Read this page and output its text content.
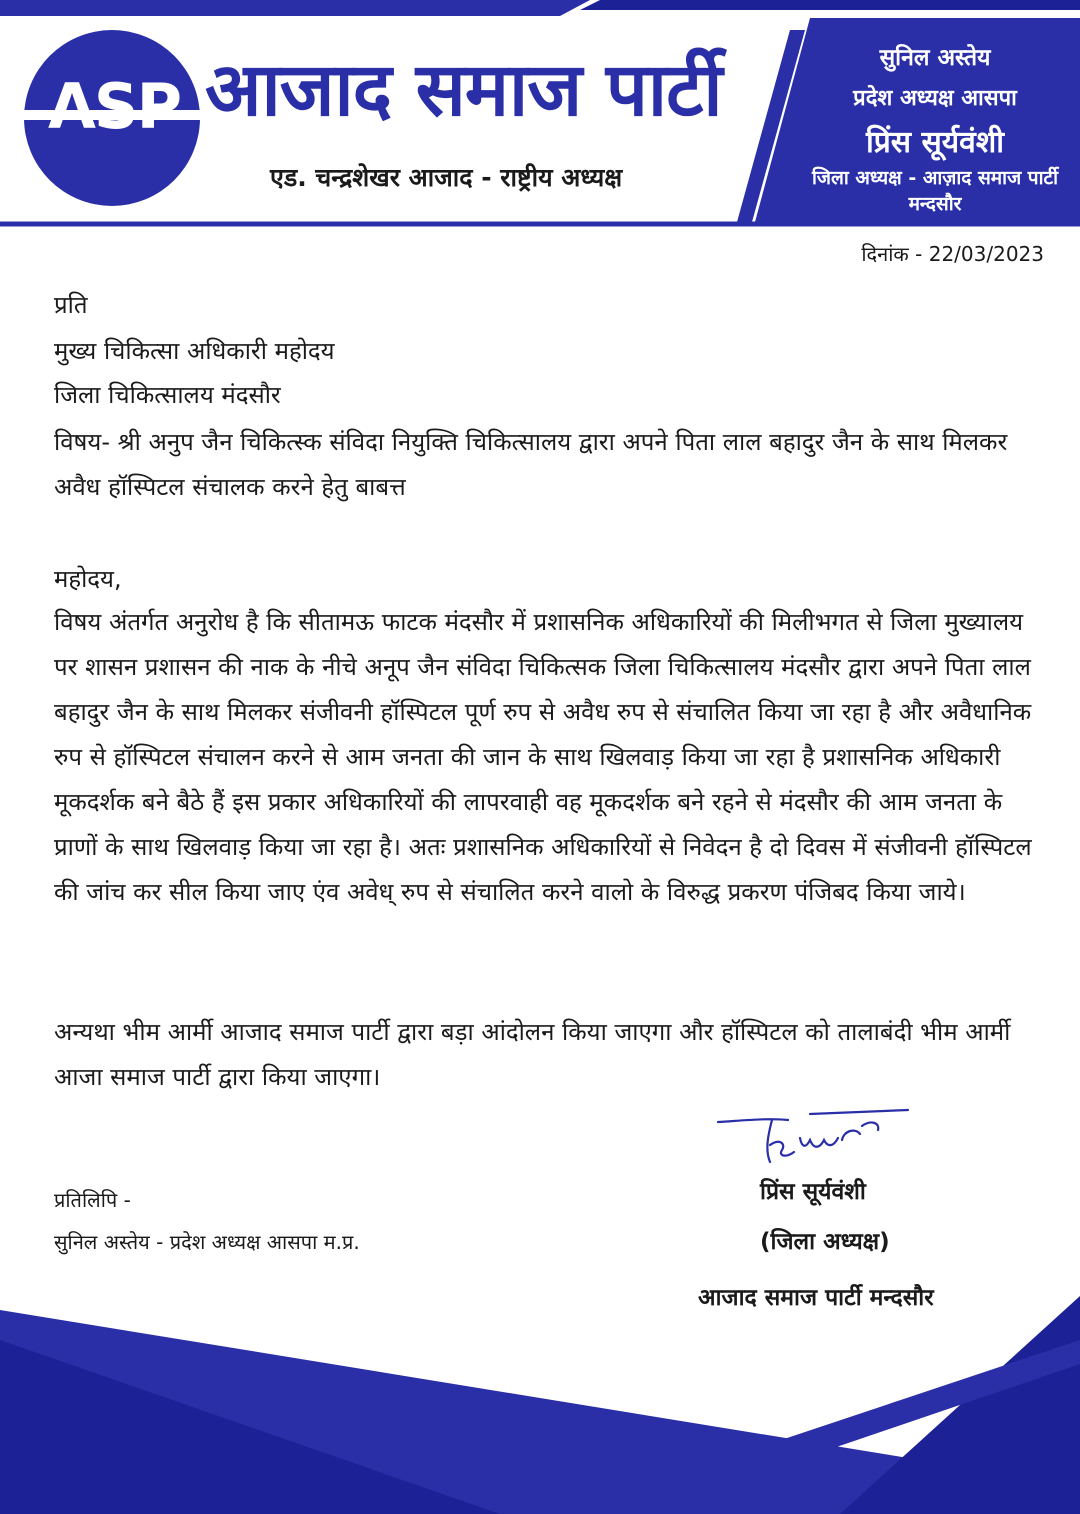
ASP आजाद समाज पार्टी
एड. चन्द्रशेखर आजाद - राष्ट्रीय अध्यक्ष
सुनिल अस्तेय
प्रदेश अध्यक्ष आसपा
प्रिंस सूर्यवंशी
जिला अध्यक्ष - आज़ाद समाज पार्टी
मन्दसौर
दिनांक - 22/03/2023
प्रति
मुख्य चिकित्सा अधिकारी महोदय
जिला चिकित्सालय मंदसौर
विषय- श्री अनुप जैन चिकित्स्क संविदा नियुक्ति चिकित्सालय द्वारा अपने पिता लाल बहादुर जैन के साथ मिलकर अवैध हॉस्पिटल संचालक करने हेतु बाबत्त
महोदय,
विषय अंतर्गत अनुरोध है कि सीतामऊ फाटक मंदसौर में प्रशासनिक अधिकारियों की मिलीभगत से जिला मुख्यालय पर शासन प्रशासन की नाक के नीचे अनूप जैन संविदा चिकित्सक जिला चिकित्सालय मंदसौर द्वारा अपने पिता लाल बहादुर जैन के साथ मिलकर संजीवनी हॉस्पिटल पूर्ण रुप से अवैध रुप से संचालित किया जा रहा है और अवैधानिक रुप से हॉस्पिटल संचालन करने से आम जनता की जान के साथ खिलवाड़ किया जा रहा है प्रशासनिक अधिकारी मूकदर्शक बने बैठे हैं इस प्रकार अधिकारियों की लापरवाही वह मूकदर्शक बने रहने से मंदसौर की आम जनता के प्राणों के साथ खिलवाड़ किया जा रहा है। अतः प्रशासनिक अधिकारियों से निवेदन है दो दिवस में संजीवनी हॉस्पिटल की जांच कर सील किया जाए एंव अवेध् रुप से संचालित करने वालो के विरुद्ध प्रकरण पंजिबद किया जाये।
अन्यथा भीम आर्मी आजाद समाज पार्टी द्वारा बड़ा आंदोलन किया जाएगा और हॉस्पिटल को तालाबंदी भीम आर्मी आजा समाज पार्टी द्वारा किया जाएगा।
प्रिंस सूर्यवंशी
(जिला अध्यक्ष)
आजाद समाज पार्टी मन्दसौर
प्रतिलिपि -
सुनिल अस्तेय - प्रदेश अध्यक्ष आसपा म.प्र.
